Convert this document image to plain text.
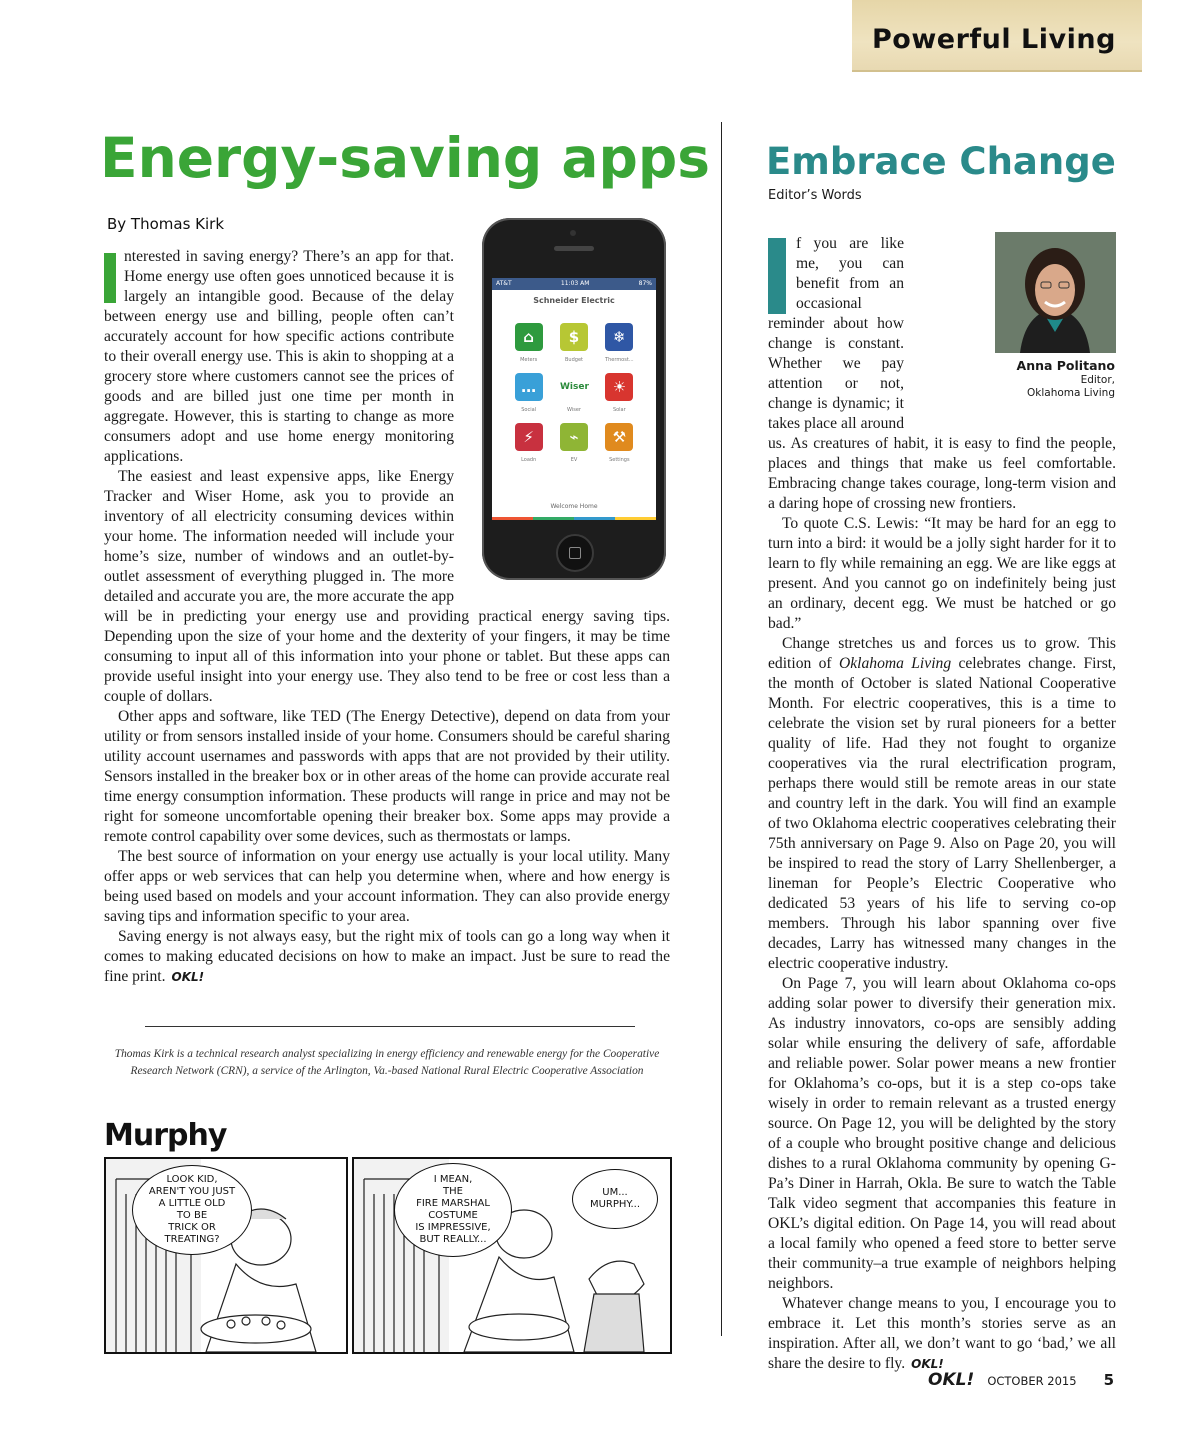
Powerful Living
Energy-saving apps
By Thomas Kirk

nterested in saving energy? There’s an app for that. Home energy use often goes unnoticed because it is largely an intangible good. Because of the delay between energy use and billing, people often can’t accurately account for how specific actions contribute to their overall energy use. This is akin to shopping at a grocery store where customers cannot see the prices of goods and are billed just one time per month in aggregate. However, this is starting to change as more consumers adopt and use home energy monitoring applications.

The easiest and least expensive apps, like Energy Tracker and Wiser Home, ask you to provide an inventory of all electricity consuming devices within your home. The information needed will include your home’s size, number of windows and an outlet-by-outlet assessment of everything plugged in. The more detailed and accurate you are, the more accurate the app will be in predicting your energy use and providing practical energy saving tips. Depending upon the size of your home and the dexterity of your fingers, it may be time consuming to input all of this information into your phone or tablet. But these apps can provide useful insight into your energy use. They also tend to be free or cost less than a couple of dollars.

Other apps and software, like TED (The Energy Detective), depend on data from your utility or from sensors installed inside of your home. Consumers should be careful sharing utility account usernames and passwords with apps that are not provided by their utility. Sensors installed in the breaker box or in other areas of the home can provide accurate real time energy consumption information. These products will range in price and may not be right for someone uncomfortable opening their breaker box. Some apps may provide a remote control capability over some devices, such as thermostats or lamps.

The best source of information on your energy use actually is your local utility. Many offer apps or web services that can help you determine when, where and how energy is being used based on models and your account information. They can also provide energy saving tips and information specific to your area.

Saving energy is not always easy, but the right mix of tools can go a long way when it comes to making educated decisions on how to make an impact. Just be sure to read the fine print. OKL!

AT&T	11:03 AM	87%
Schneider Electric
⌂
Meters
$
Budget
❄
Thermost...
…
Social
Wiser
Wiser
☀
Solar
⚡
Loadn
⌁
EV
⚒
Settings
Welcome Home
Thomas Kirk is a technical research analyst specializing in energy efficiency and renewable energy for the Cooperative Research Network (CRN), a service of the Arlington, Va.-based National Rural Electric Cooperative Association
Murphy
LOOK KID,
AREN'T YOU JUST
A LITTLE OLD
TO BE
TRICK OR
TREATING?
I MEAN,
THE
FIRE MARSHAL
COSTUME
IS IMPRESSIVE,
BUT REALLY...
UM...
MURPHY...
Embrace Change
Editor’s Words
Anna Politano
Editor,
Oklahoma Living

f you are like me, you can benefit from an occasional reminder about how change is constant. Whether we pay attention or not, change is dynamic; it takes place all around us. As creatures of habit, it is easy to find the people, places and things that make us feel comfortable. Embracing change takes courage, long-term vision and a daring hope of crossing new frontiers.

To quote C.S. Lewis: “It may be hard for an egg to turn into a bird: it would be a jolly sight harder for it to learn to fly while remaining an egg. We are like eggs at present. And you cannot go on indefinitely being just an ordinary, decent egg. We must be hatched or go bad.”

Change stretches us and forces us to grow. This edition of Oklahoma Living celebrates change. First, the month of October is slated National Cooperative Month. For electric cooperatives, this is a time to celebrate the vision set by rural pioneers for a better quality of life. Had they not fought to organize cooperatives via the rural electrification program, perhaps there would still be remote areas in our state and country left in the dark. You will find an example of two Oklahoma electric cooperatives celebrating their 75th anniversary on Page 9. Also on Page 20, you will be inspired to read the story of Larry Shellenberger, a lineman for People’s Electric Cooperative who dedicated 53 years of his life to serving co-op members. Through his labor spanning over five decades, Larry has witnessed many changes in the electric cooperative industry.

On Page 7, you will learn about Oklahoma co-ops adding solar power to diversify their generation mix. As industry innovators, co-ops are sensibly adding solar while ensuring the delivery of safe, affordable and reliable power. Solar power means a new frontier for Oklahoma’s co-ops, but it is a step co-ops take wisely in order to remain relevant as a trusted energy source. On Page 12, you will be delighted by the story of a couple who brought positive change and delicious dishes to a rural Oklahoma community by opening G-Pa’s Diner in Harrah, Okla. Be sure to watch the Table Talk video segment that accompanies this feature in OKL’s digital edition. On Page 14, you will read about a local family who opened a feed store to better serve their community–a true example of neighbors helping neighbors.

Whatever change means to you, I encourage you to embrace it. Let this month’s stories serve as an inspiration. After all, we don’t want to go ‘bad,’ we all share the desire to fly. OKL!

OKL! OCTOBER 2015 5
